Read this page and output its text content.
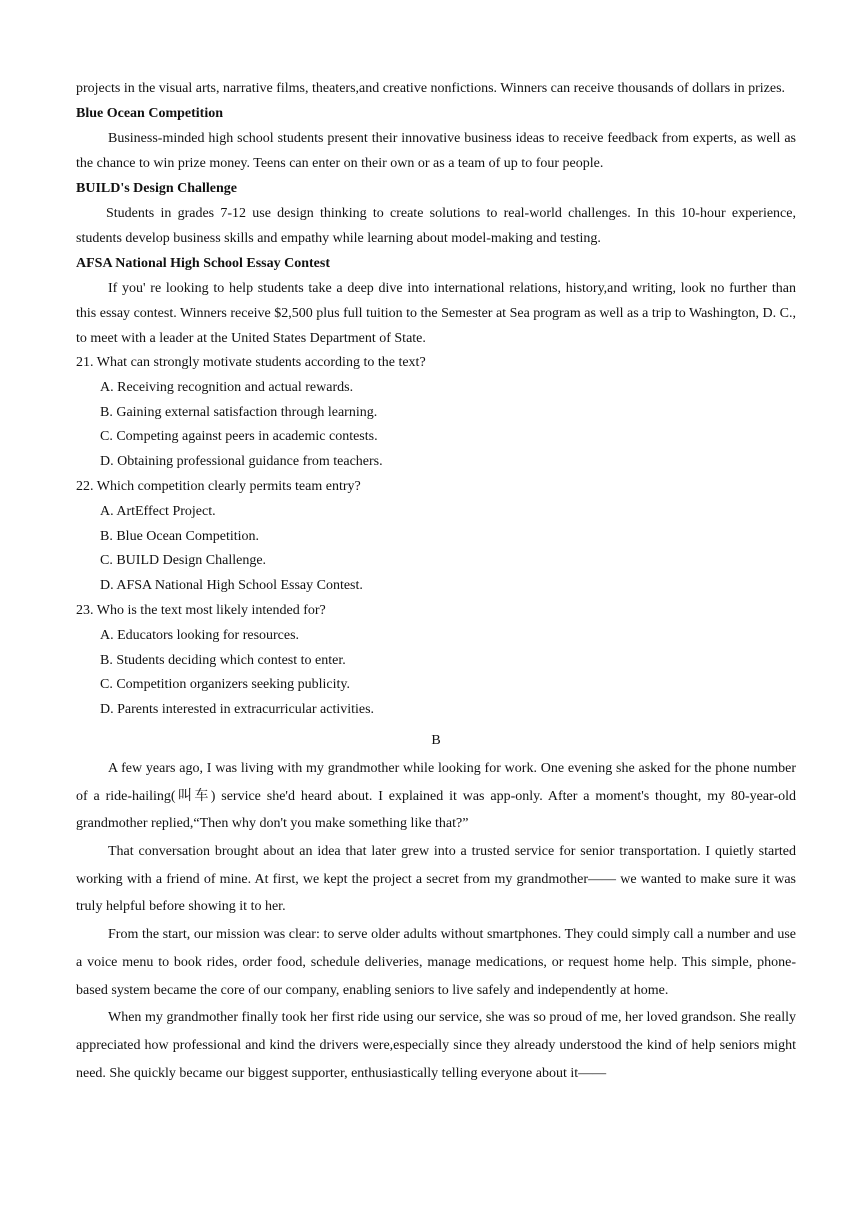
projects in the visual arts, narrative films, theaters,and creative nonfictions. Winners can receive thousands of dollars in prizes.

Blue Ocean Competition

Business-minded high school students present their innovative business ideas to receive feedback from experts, as well as the chance to win prize money. Teens can enter on their own or as a team of up to four people.

BUILD's Design Challenge

Students in grades 7-12 use design thinking to create solutions to real-world challenges. In this 10-hour experience, students develop business skills and empathy while learning about model-making and testing.

AFSA National High School Essay Contest

If you' re looking to help students take a deep dive into international relations, history,and writing, look no further than this essay contest. Winners receive $2,500 plus full tuition to the Semester at Sea program as well as a trip to Washington, D. C., to meet with a leader at the United States Department of State.

21. What can strongly motivate students according to the text?

A. Receiving recognition and actual rewards.

B. Gaining external satisfaction through learning.

C. Competing against peers in academic contests.

D. Obtaining professional guidance from teachers.

22. Which competition clearly permits team entry?

A. ArtEffect Project.

B. Blue Ocean Competition.

C. BUILD Design Challenge.

D. AFSA National High School Essay Contest.

23. Who is the text most likely intended for?

A. Educators looking for resources.

B. Students deciding which contest to enter.

C. Competition organizers seeking publicity.

D. Parents interested in extracurricular activities.

B

A few years ago, I was living with my grandmother while looking for work. One evening she asked for the phone number of a ride-hailing(叫车) service she'd heard about. I explained it was app-only. After a moment's thought, my 80-year-old grandmother replied,“Then why don't you make something like that?”

That conversation brought about an idea that later grew into a trusted service for senior transportation. I quietly started working with a friend of mine. At first, we kept the project a secret from my grandmother—— we wanted to make sure it was truly helpful before showing it to her.

From the start, our mission was clear: to serve older adults without smartphones. They could simply call a number and use a voice menu to book rides, order food, schedule deliveries, manage medications, or request home help. This simple, phone-based system became the core of our company, enabling seniors to live safely and independently at home.

When my grandmother finally took her first ride using our service, she was so proud of me, her loved grandson. She really appreciated how professional and kind the drivers were,especially since they already understood the kind of help seniors might need. She quickly became our biggest supporter, enthusiastically telling everyone about it——
